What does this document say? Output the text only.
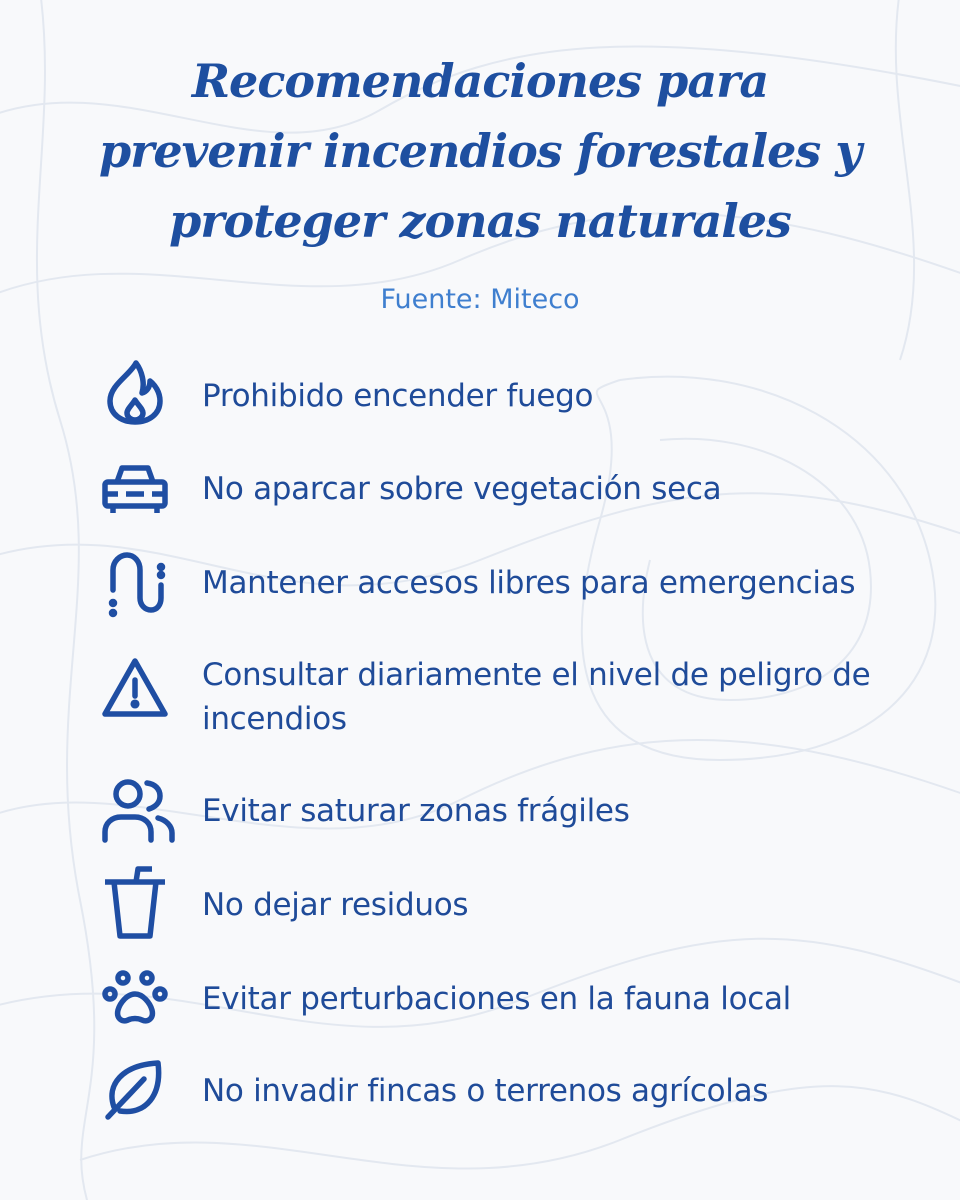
Recomendaciones para
prevenir incendios forestales y
proteger zonas naturales
Fuente: Miteco
Prohibido encender fuego
No aparcar sobre vegetación seca
Mantener accesos libres para emergencias
Consultar diariamente el nivel de peligro de incendios
Evitar saturar zonas frágiles
No dejar residuos
Evitar perturbaciones en la fauna local
No invadir fincas o terrenos agrícolas
